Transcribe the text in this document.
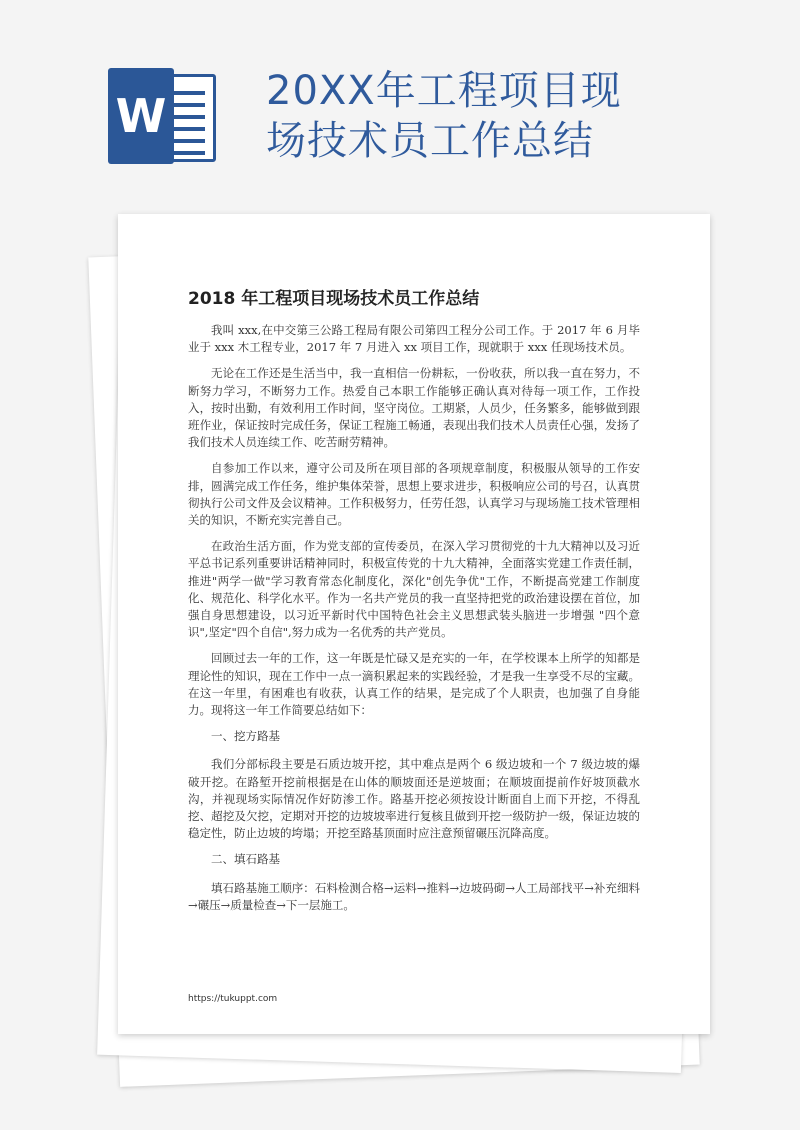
W 20XX年工程项目现
场技术员工作总结
2018 年工程项目现场技术员工作总结

我叫 xxx,在中交第三公路工程局有限公司第四工程分公司工作。于 2017 年 6 月毕业于 xxx 木工程专业，2017 年 7 月进入 xx 项目工作，现就职于 xxx 任现场技术员。

无论在工作还是生活当中，我一直相信一份耕耘，一份收获，所以我一直在努力，不断努力学习，不断努力工作。热爱自己本职工作能够正确认真对待每一项工作，工作投入，按时出勤，有效利用工作时间，坚守岗位。工期紧，人员少，任务繁多，能够做到跟班作业，保证按时完成任务，保证工程施工畅通，表现出我们技术人员责任心强，发扬了我们技术人员连续工作、吃苦耐劳精神。

自参加工作以来，遵守公司及所在项目部的各项规章制度，积极服从领导的工作安排，圆满完成工作任务，维护集体荣誉，思想上要求进步，积极响应公司的号召，认真贯彻执行公司文件及会议精神。工作积极努力，任劳任怨，认真学习与现场施工技术管理相关的知识，不断充实完善自己。

在政治生活方面，作为党支部的宣传委员，在深入学习贯彻党的十九大精神以及习近平总书记系列重要讲话精神同时，积极宣传党的十九大精神，全面落实党建工作责任制，推进"两学一做"学习教育常态化制度化，深化"创先争优"工作，不断提高党建工作制度化、规范化、科学化水平。作为一名共产党员的我一直坚持把党的政治建设摆在首位，加强自身思想建设，以习近平新时代中国特色社会主义思想武装头脑进一步增强 "四个意识",坚定"四个自信",努力成为一名优秀的共产党员。

回顾过去一年的工作，这一年既是忙碌又是充实的一年，在学校课本上所学的知都是理论性的知识，现在工作中一点一滴积累起来的实践经验，才是我一生享受不尽的宝藏。在这一年里，有困难也有收获，认真工作的结果，是完成了个人职责，也加强了自身能力。现将这一年工作简要总结如下：

一、挖方路基

我们分部标段主要是石质边坡开挖，其中难点是两个 6 级边坡和一个 7 级边坡的爆破开挖。在路堑开挖前根据是在山体的顺坡面还是逆坡面；在顺坡面提前作好坡顶截水沟，并视现场实际情况作好防渗工作。路基开挖必须按设计断面自上而下开挖，不得乱挖、超挖及欠挖，定期对开挖的边坡坡率进行复核且做到开挖一级防护一级，保证边坡的稳定性，防止边坡的垮塌；开挖至路基顶面时应注意预留碾压沉降高度。

二、填石路基

填石路基施工顺序：石料检测合格→运料→推料→边坡码砌→人工局部找平→补充细料→碾压→质量检查→下一层施工。

https://tukuppt.com
